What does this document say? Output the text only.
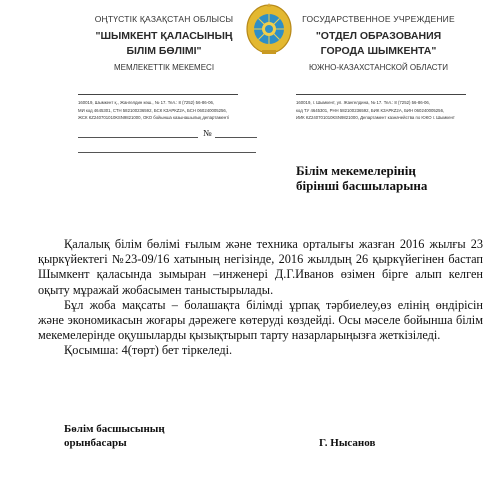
ОҢТҮСТІК ҚАЗАҚСТАН ОБЛЫСЫ
"ШЫМКЕНТ ҚАЛАСЫНЫҢ
БІЛІМ БӨЛІМІ"
МЕМЛЕКЕТТІК МЕКЕМЕСІ
ГОСУДАРСТВЕННОЕ УЧРЕЖДЕНИЕ
"ОТДЕЛ ОБРАЗОВАНИЯ
ГОРОДА ШЫМКЕНТА"
ЮЖНО-КАЗАХСТАНСКОЙ ОБЛАСТИ
160019, Шымкент қ., Жангелдин көш., № 17. Тел.: 8 (7252) 56-86-06,
МИ код 4645301, СТН 582100236592, БСК КЗАРКZ2А, БСН 060240005256,
ЖСК КZ240701010КSN9821000, ОКО бойынша казынашылық департаменті
160019, г. Шымкент, ул. Жангелдина, № 17. Тел.: 8 (7252) 56-86-06,
код ТУ 4645301, РНН 582100236592, БИК КЗАРКZ2А, БИН 060240005256,
ИИК КZ240701010КSN9821000, Департамент казначейства по ЮКО г. Шымкент
№
Білім мекемелерінің
бірінші басшыларына

Қалалық білім бөлімі ғылым және техника орталығы жазған 2016 жылғы 23 қыркүйектегі №23-09/16 хатының негізінде, 2016 жылдың 26 қыркүйегінен бастап Шымкент қаласында зымыран –инженері Д.Г.Иванов өзімен бірге алып келген оқыту мұражай жобасымен таныстырылады.

Бұл жоба мақсаты – болашақта білімді ұрпақ тәрбиелеу,өз елінің өндірісін және экономикасын жоғары дәрежеге көтеруді көздейді. Осы мәселе бойынша білім мекемелерінде оқушыларды қызықтырып тарту назарларыңызға жеткізіледі.

Қосымша: 4(төрт) бет тіркеледі.

Бөлім басшысының
орынбасары	Г. Нысанов
